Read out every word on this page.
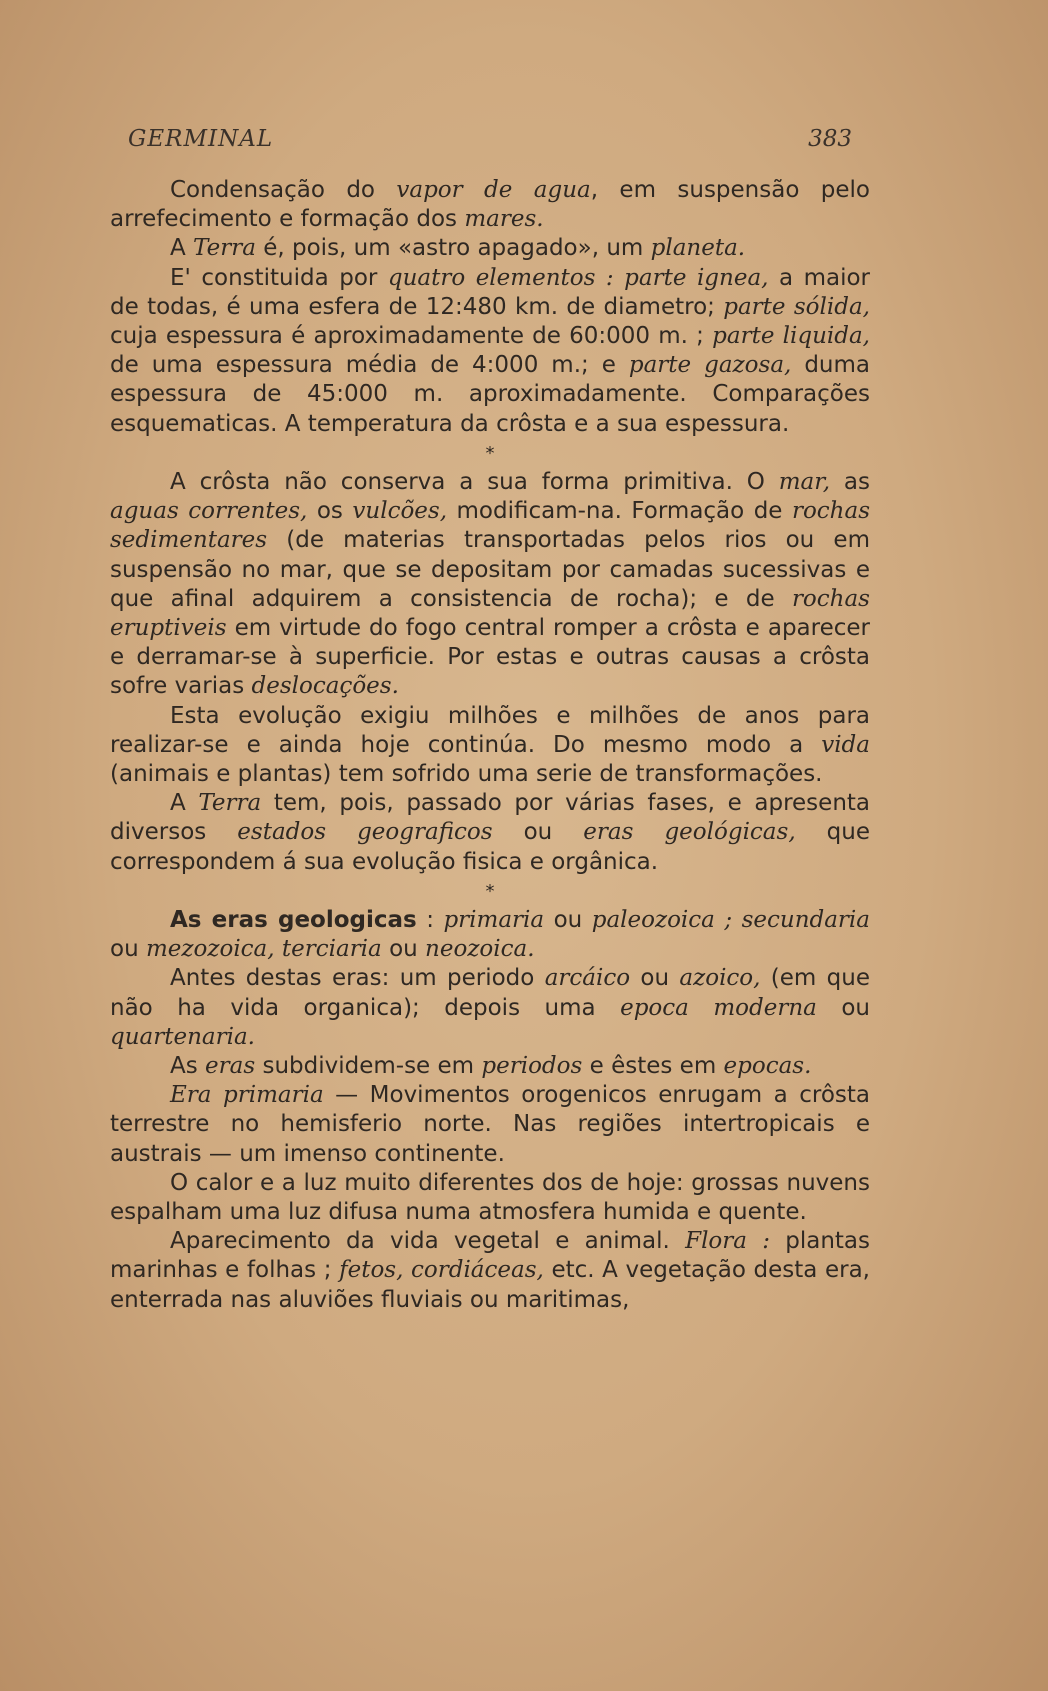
GERMINAL	383

Condensação do vapor de agua, em suspensão pelo arrefecimento e formação dos mares.

A Terra é, pois, um «astro apagado», um planeta.

E' constituida por quatro elementos : parte ignea, a maior de todas, é uma esfera de 12:480 km. de diametro; parte sólida, cuja espessura é aproximadamente de 60:000 m. ; parte liquida, de uma espessura média de 4:000 m.; e parte gazosa, duma espessura de 45:000 m. aproximadamente. Comparações esquematicas. A temperatura da crôsta e a sua espessura.

*

A crôsta não conserva a sua forma primitiva. O mar, as aguas correntes, os vulcões, modificam-na. Formação de rochas sedimentares (de materias transportadas pelos rios ou em suspensão no mar, que se depositam por camadas sucessivas e que afinal adquirem a consistencia de rocha); e de rochas eruptiveis em virtude do fogo central romper a crôsta e aparecer e derramar-se à superficie. Por estas e outras causas a crôsta sofre varias deslocações.

Esta evolução exigiu milhões e milhões de anos para realizar-se e ainda hoje continúa. Do mesmo modo a vida (animais e plantas) tem sofrido uma serie de transformações.

A Terra tem, pois, passado por várias fases, e apresenta diversos estados geograficos ou eras geológicas, que correspondem á sua evolução fisica e orgânica.

*

As eras geologicas : primaria ou paleozoica ; secundaria ou mezozoica, terciaria ou neozoica.

Antes destas eras: um periodo arcáico ou azoico, (em que não ha vida organica); depois uma epoca moderna ou quartenaria.

As eras subdividem-se em periodos e êstes em epocas.

Era primaria — Movimentos orogenicos enrugam a crôsta terrestre no hemisferio norte. Nas regiões intertropicais e austrais — um imenso continente.

O calor e a luz muito diferentes dos de hoje: grossas nuvens espalham uma luz difusa numa atmosfera humida e quente.

Aparecimento da vida vegetal e animal. Flora : plantas marinhas e folhas ; fetos, cordiáceas, etc. A vegetação desta era, enterrada nas aluviões fluviais ou maritimas,
